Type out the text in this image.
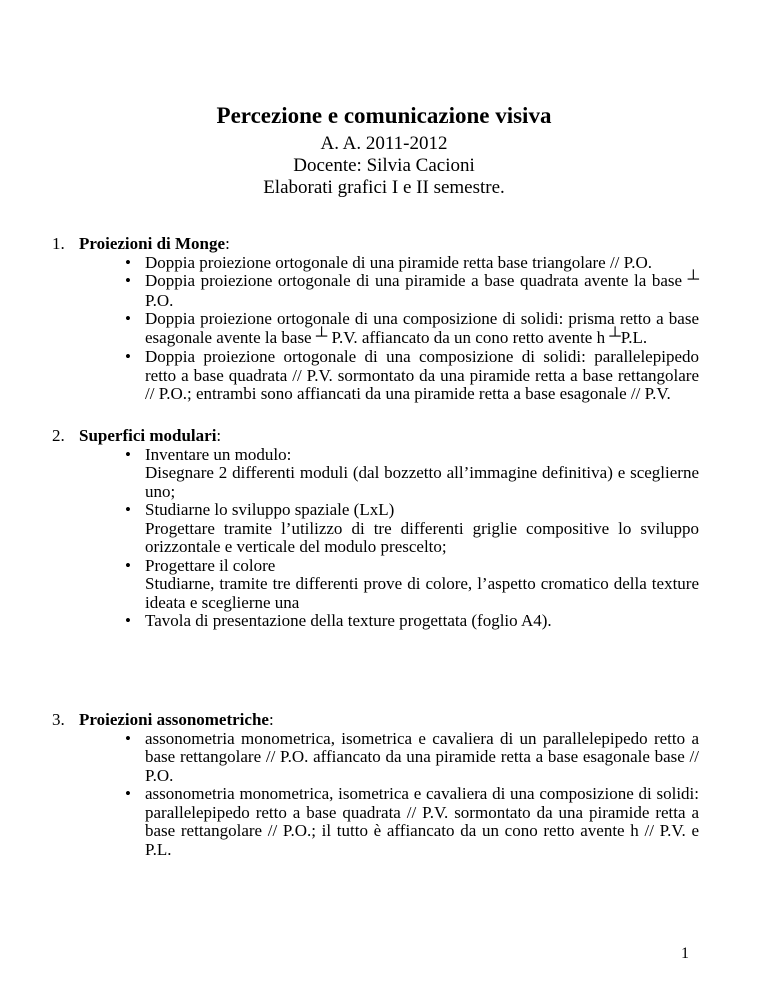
Percezione e comunicazione visiva

A. A. 2011-2012

Docente: Silvia Cacioni

Elaborati grafici I e II semestre.

1. Proiezioni di Monge:

• Doppia proiezione ortogonale di una piramide retta base triangolare // P.O.
• Doppia proiezione ortogonale di una piramide a base quadrata avente la base ┴ P.O.
• Doppia proiezione ortogonale di una composizione di solidi: prisma retto a base esagonale avente la base ┴ P.V. affiancato da un cono retto avente h ┴P.L.
• Doppia proiezione ortogonale di una composizione di solidi: parallelepipedo retto a base quadrata // P.V. sormontato da una piramide retta a base rettangolare // P.O.; entrambi sono affiancati da una piramide retta a base esagonale // P.V.

2. Superfici modulari:

• Inventare un modulo:
Disegnare 2 differenti moduli (dal bozzetto all’immagine definitiva) e sceglierne uno;
• Studiarne lo sviluppo spaziale (LxL)
Progettare tramite l’utilizzo di tre differenti griglie compositive lo sviluppo orizzontale e verticale del modulo prescelto;
• Progettare il colore
Studiarne, tramite tre differenti prove di colore, l’aspetto cromatico della texture ideata e sceglierne una
• Tavola di presentazione della texture progettata (foglio A4).

3. Proiezioni assonometriche:

• assonometria monometrica, isometrica e cavaliera di un parallelepipedo retto a base rettangolare // P.O. affiancato da una piramide retta a base esagonale base // P.O.
• assonometria monometrica, isometrica e cavaliera di una composizione di solidi: parallelepipedo retto a base quadrata // P.V. sormontato da una piramide retta a base rettangolare // P.O.; il tutto è affiancato da un cono retto avente h // P.V. e P.L.
1
